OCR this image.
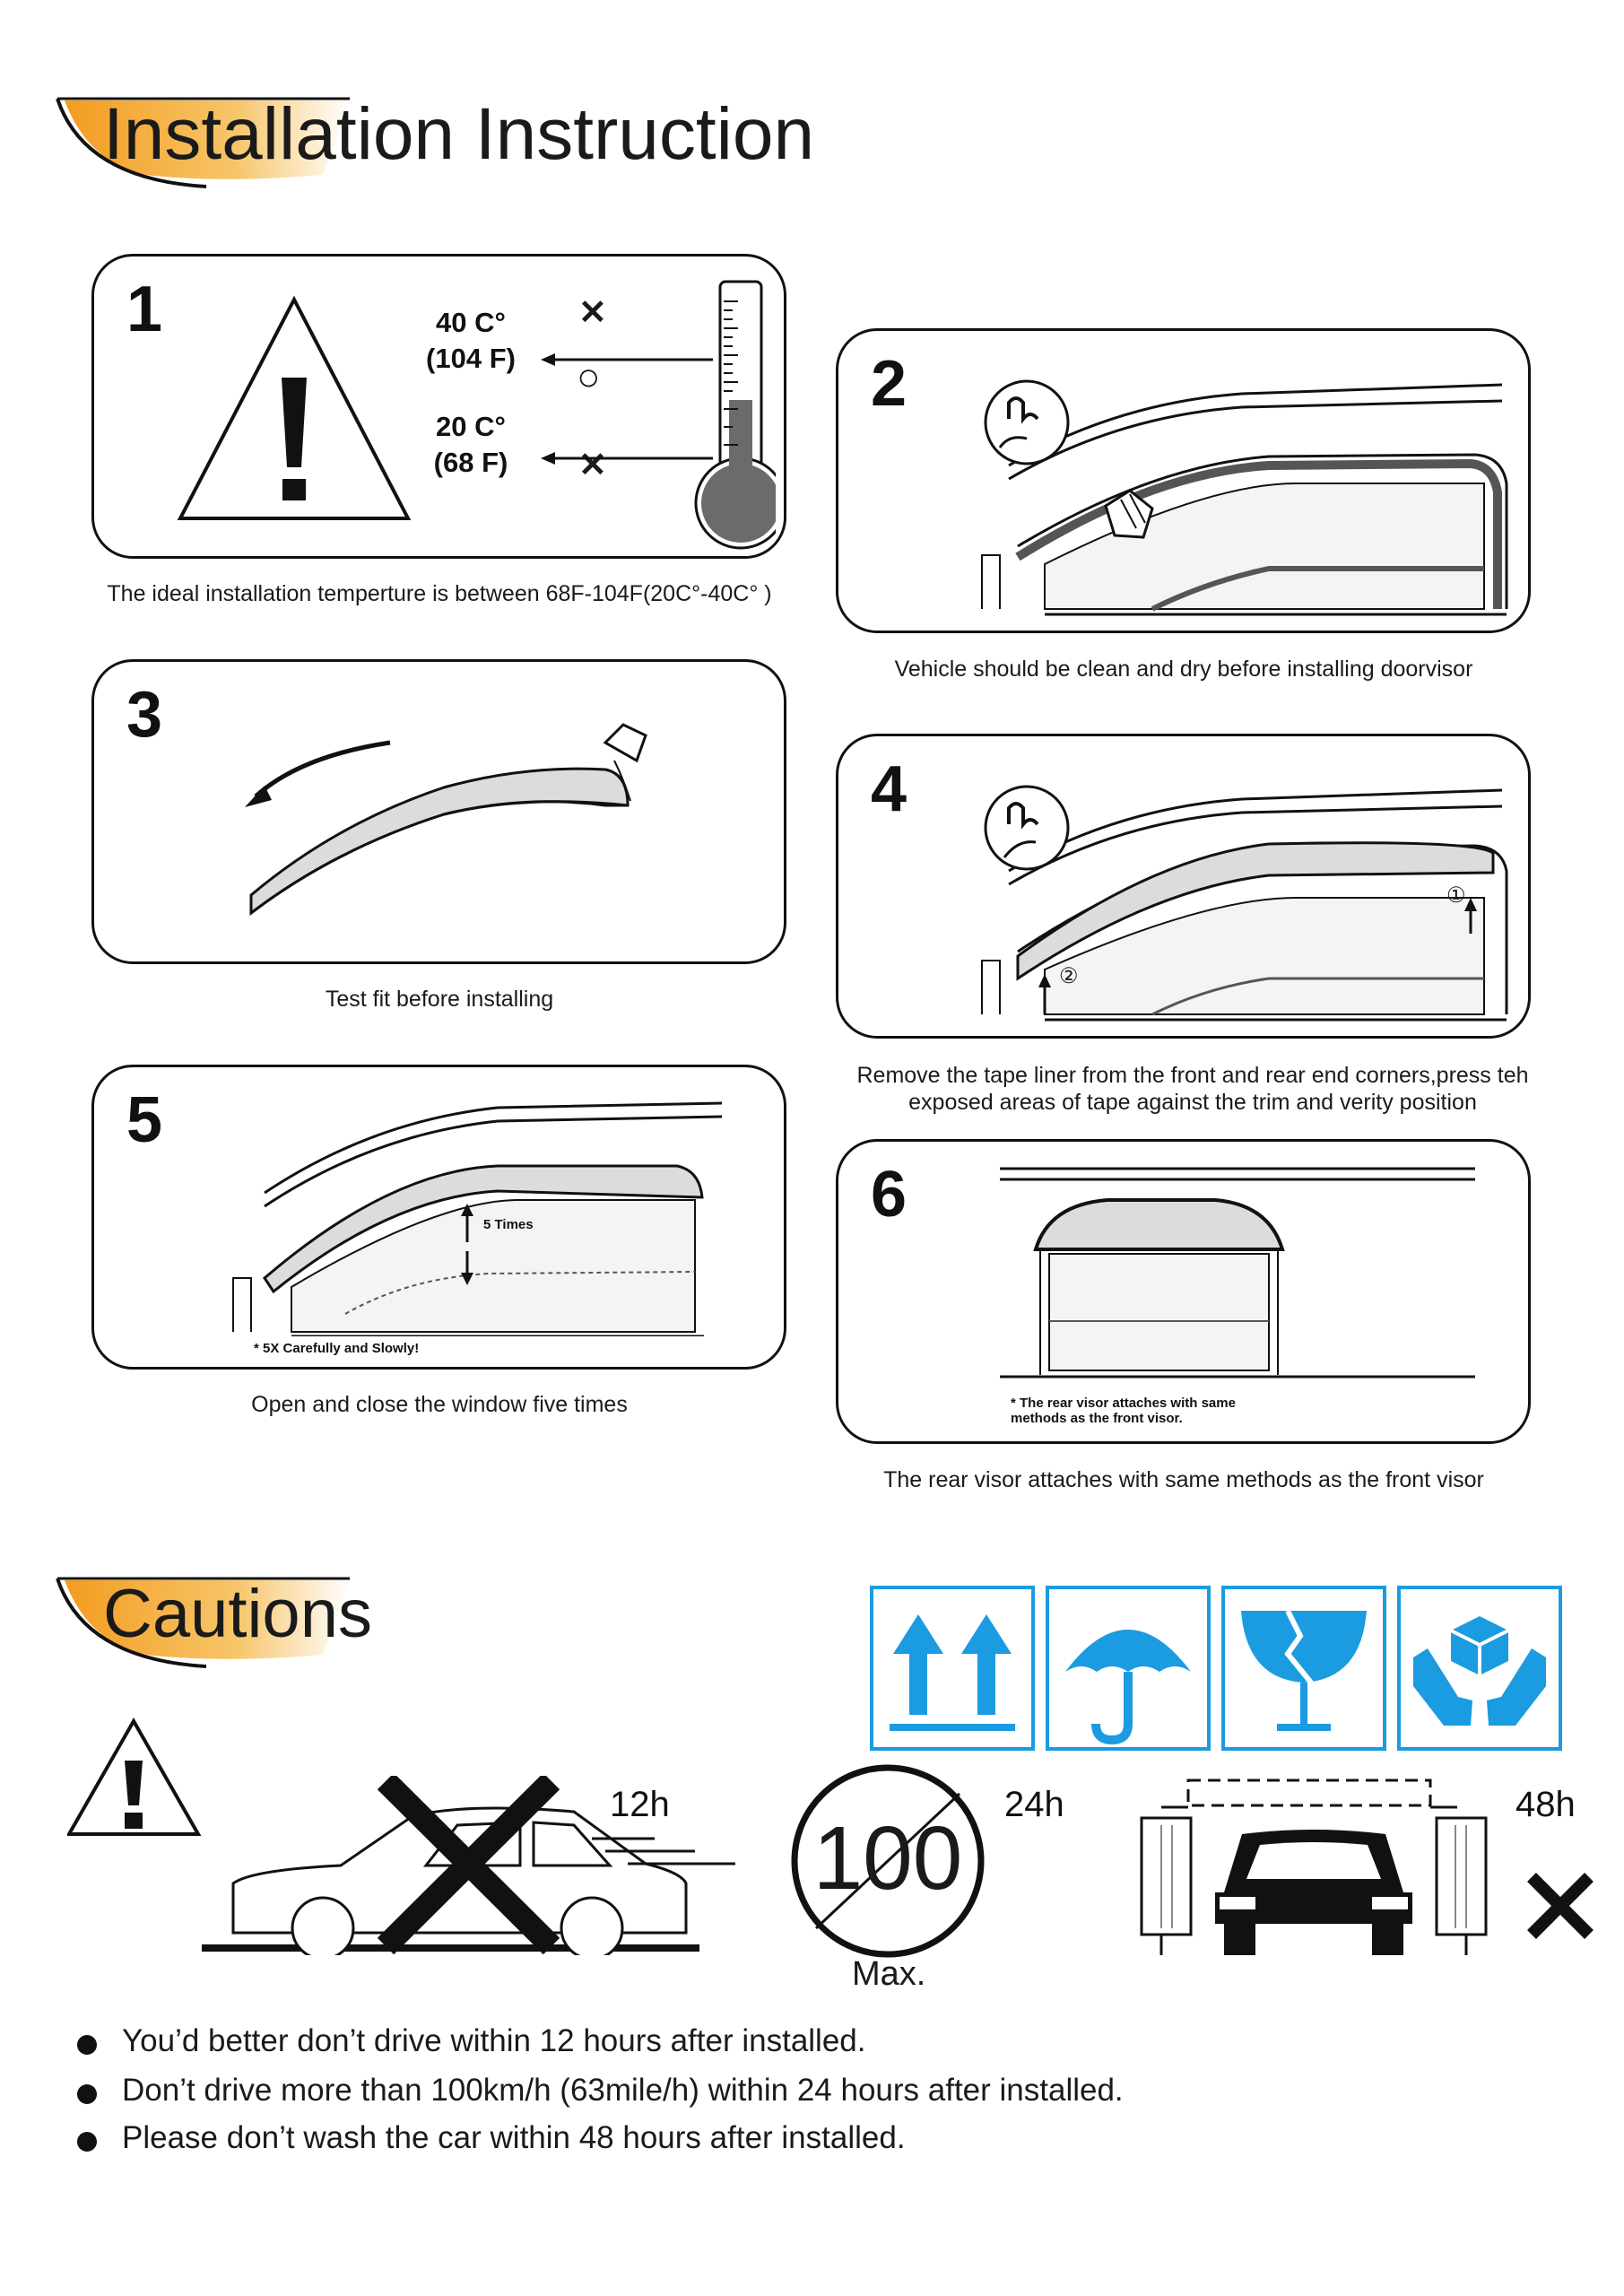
Installation Instruction
1	40 C°
(104 F)
20 C°
(68 F)
✕
○
✕
The ideal installation temperture is between 68F-104F(20C°-40C° )
2
Vehicle should be clean and dry before installing doorvisor
3
Test fit before installing
4
①
②
Remove the tape liner from the front and rear end corners,press teh exposed areas of tape against the trim and verity position
5
5 Times
* 5X Carefully and Slowly!
Open and close the window five times
6
* The rear visor attaches with same
methods as the front visor.
The rear visor attaches with same methods as the front visor
Cautions
12h
100
Max.
24h	48h
You’d better don’t drive within 12 hours after installed.
Don’t drive more than 100km/h (63mile/h) within 24 hours after installed.
Please don’t wash the car within 48 hours after installed.
